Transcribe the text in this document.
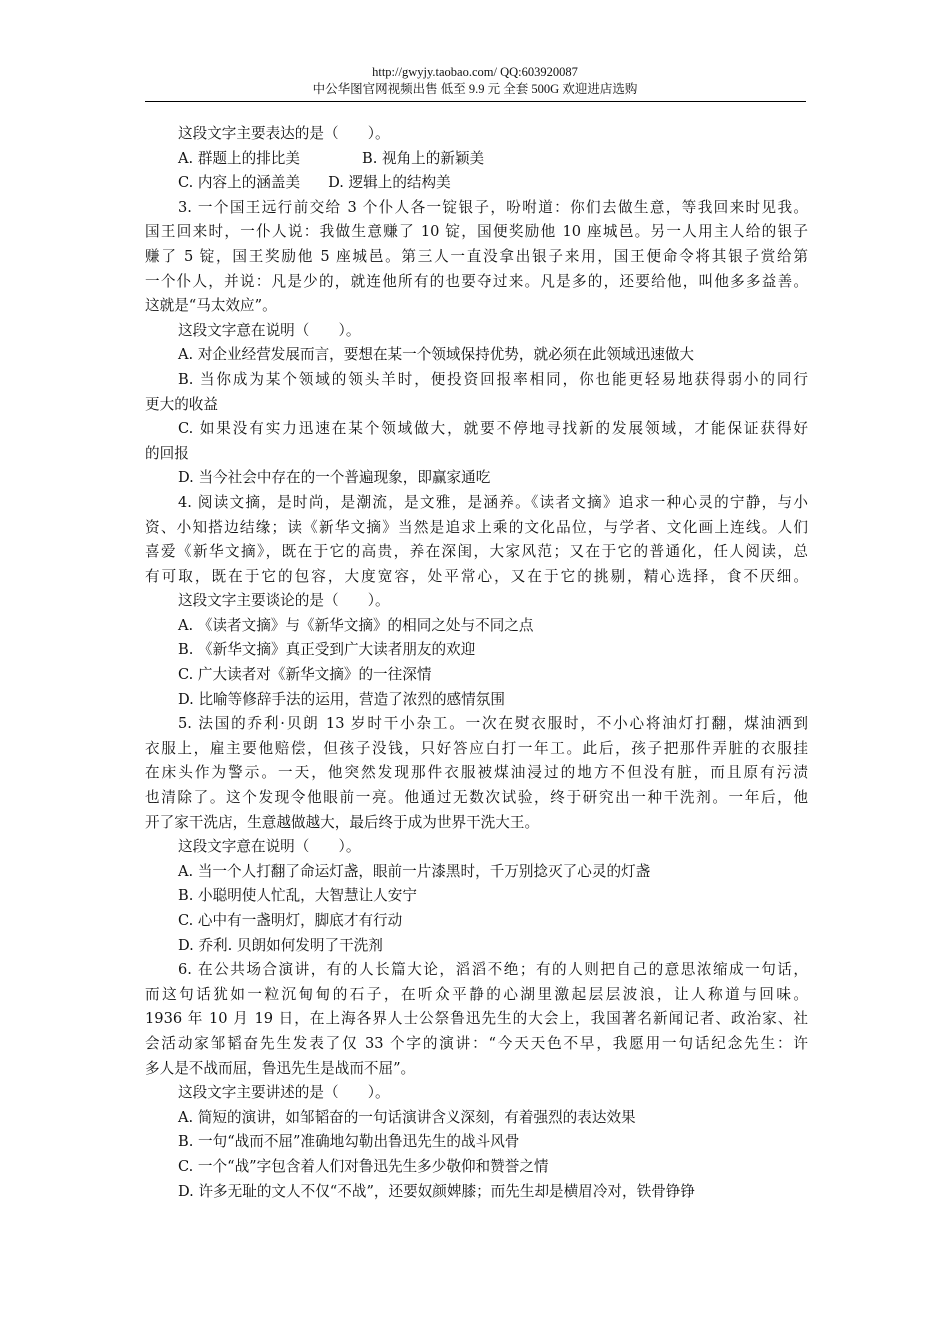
http://gwyjy.taobao.com/ QQ:603920087
中公华图官网视频出售 低至 9.9 元 全套 500G 欢迎进店选购
这段文字主要表达的是（　　）。
A. 群题上的排比美	B. 视角上的新颖美
C. 内容上的涵盖美 D. 逻辑上的结构美
3. 一个国王远行前交给 3 个仆人各一锭银子，吩咐道：你们去做生意，等我回来时见我。
国王回来时，一仆人说：我做生意赚了 10 锭，国便奖励他 10 座城邑。另一人用主人给的银子
赚了 5 锭，国王奖励他 5 座城邑。第三人一直没拿出银子来用，国王便命令将其银子赏给第
一个仆人，并说：凡是少的，就连他所有的也要夺过来。凡是多的，还要给他，叫他多多益善。
这就是“马太效应”。
这段文字意在说明（　　）。
A. 对企业经营发展而言，要想在某一个领域保持优势，就必须在此领域迅速做大
B. 当你成为某个领域的领头羊时，便投资回报率相同，你也能更轻易地获得弱小的同行
更大的收益
C. 如果没有实力迅速在某个领域做大，就要不停地寻找新的发展领域，才能保证获得好
的回报
D. 当今社会中存在的一个普遍现象，即赢家通吃
4. 阅读文摘，是时尚，是潮流，是文雅，是涵养。《读者文摘》追求一种心灵的宁静，与小
资、小知搭边结缘；读《新华文摘》当然是追求上乘的文化品位，与学者、文化画上连线。人们
喜爱《新华文摘》，既在于它的高贵，养在深闺，大家风范；又在于它的普通化，任人阅读，总
有可取，既在于它的包容，大度宽容，处平常心，又在于它的挑剔，精心选择，食不厌细。
这段文字主要谈论的是（　　）。
A. 《读者文摘》与《新华文摘》的相同之处与不同之点
B. 《新华文摘》真正受到广大读者朋友的欢迎
C. 广大读者对《新华文摘》的一往深情
D. 比喻等修辞手法的运用，营造了浓烈的感情氛围
5. 法国的乔利·贝朗 13 岁时干小杂工。一次在熨衣服时，不小心将油灯打翻，煤油洒到
衣服上，雇主要他赔偿，但孩子没钱，只好答应白打一年工。此后，孩子把那件弄脏的衣服挂
在床头作为警示。一天，他突然发现那件衣服被煤油浸过的地方不但没有脏，而且原有污渍
也清除了。这个发现令他眼前一亮。他通过无数次试验，终于研究出一种干洗剂。一年后，他
开了家干洗店，生意越做越大，最后终于成为世界干洗大王。
这段文字意在说明（　　）。
A. 当一个人打翻了命运灯盏，眼前一片漆黑时，千万别捻灭了心灵的灯盏
B. 小聪明使人忙乱，大智慧让人安宁
C. 心中有一盏明灯，脚底才有行动
D. 乔利. 贝朗如何发明了干洗剂
6. 在公共场合演讲，有的人长篇大论，滔滔不绝；有的人则把自己的意思浓缩成一句话，
而这句话犹如一粒沉甸甸的石子，在听众平静的心湖里激起层层波浪，让人称道与回味。
1936 年 10 月 19 日，在上海各界人士公祭鲁迅先生的大会上，我国著名新闻记者、政治家、社
会活动家邹韬奋先生发表了仅 33 个字的演讲：“今天天色不早，我愿用一句话纪念先生：许
多人是不战而屈，鲁迅先生是战而不屈”。
这段文字主要讲述的是（　　）。
A. 简短的演讲，如邹韬奋的一句话演讲含义深刻，有着强烈的表达效果
B. 一句“战而不屈”准确地勾勒出鲁迅先生的战斗风骨
C. 一个“战”字包含着人们对鲁迅先生多少敬仰和赞誉之情
D. 许多无耻的文人不仅“不战”，还要奴颜婢膝；而先生却是横眉冷对，铁骨铮铮
